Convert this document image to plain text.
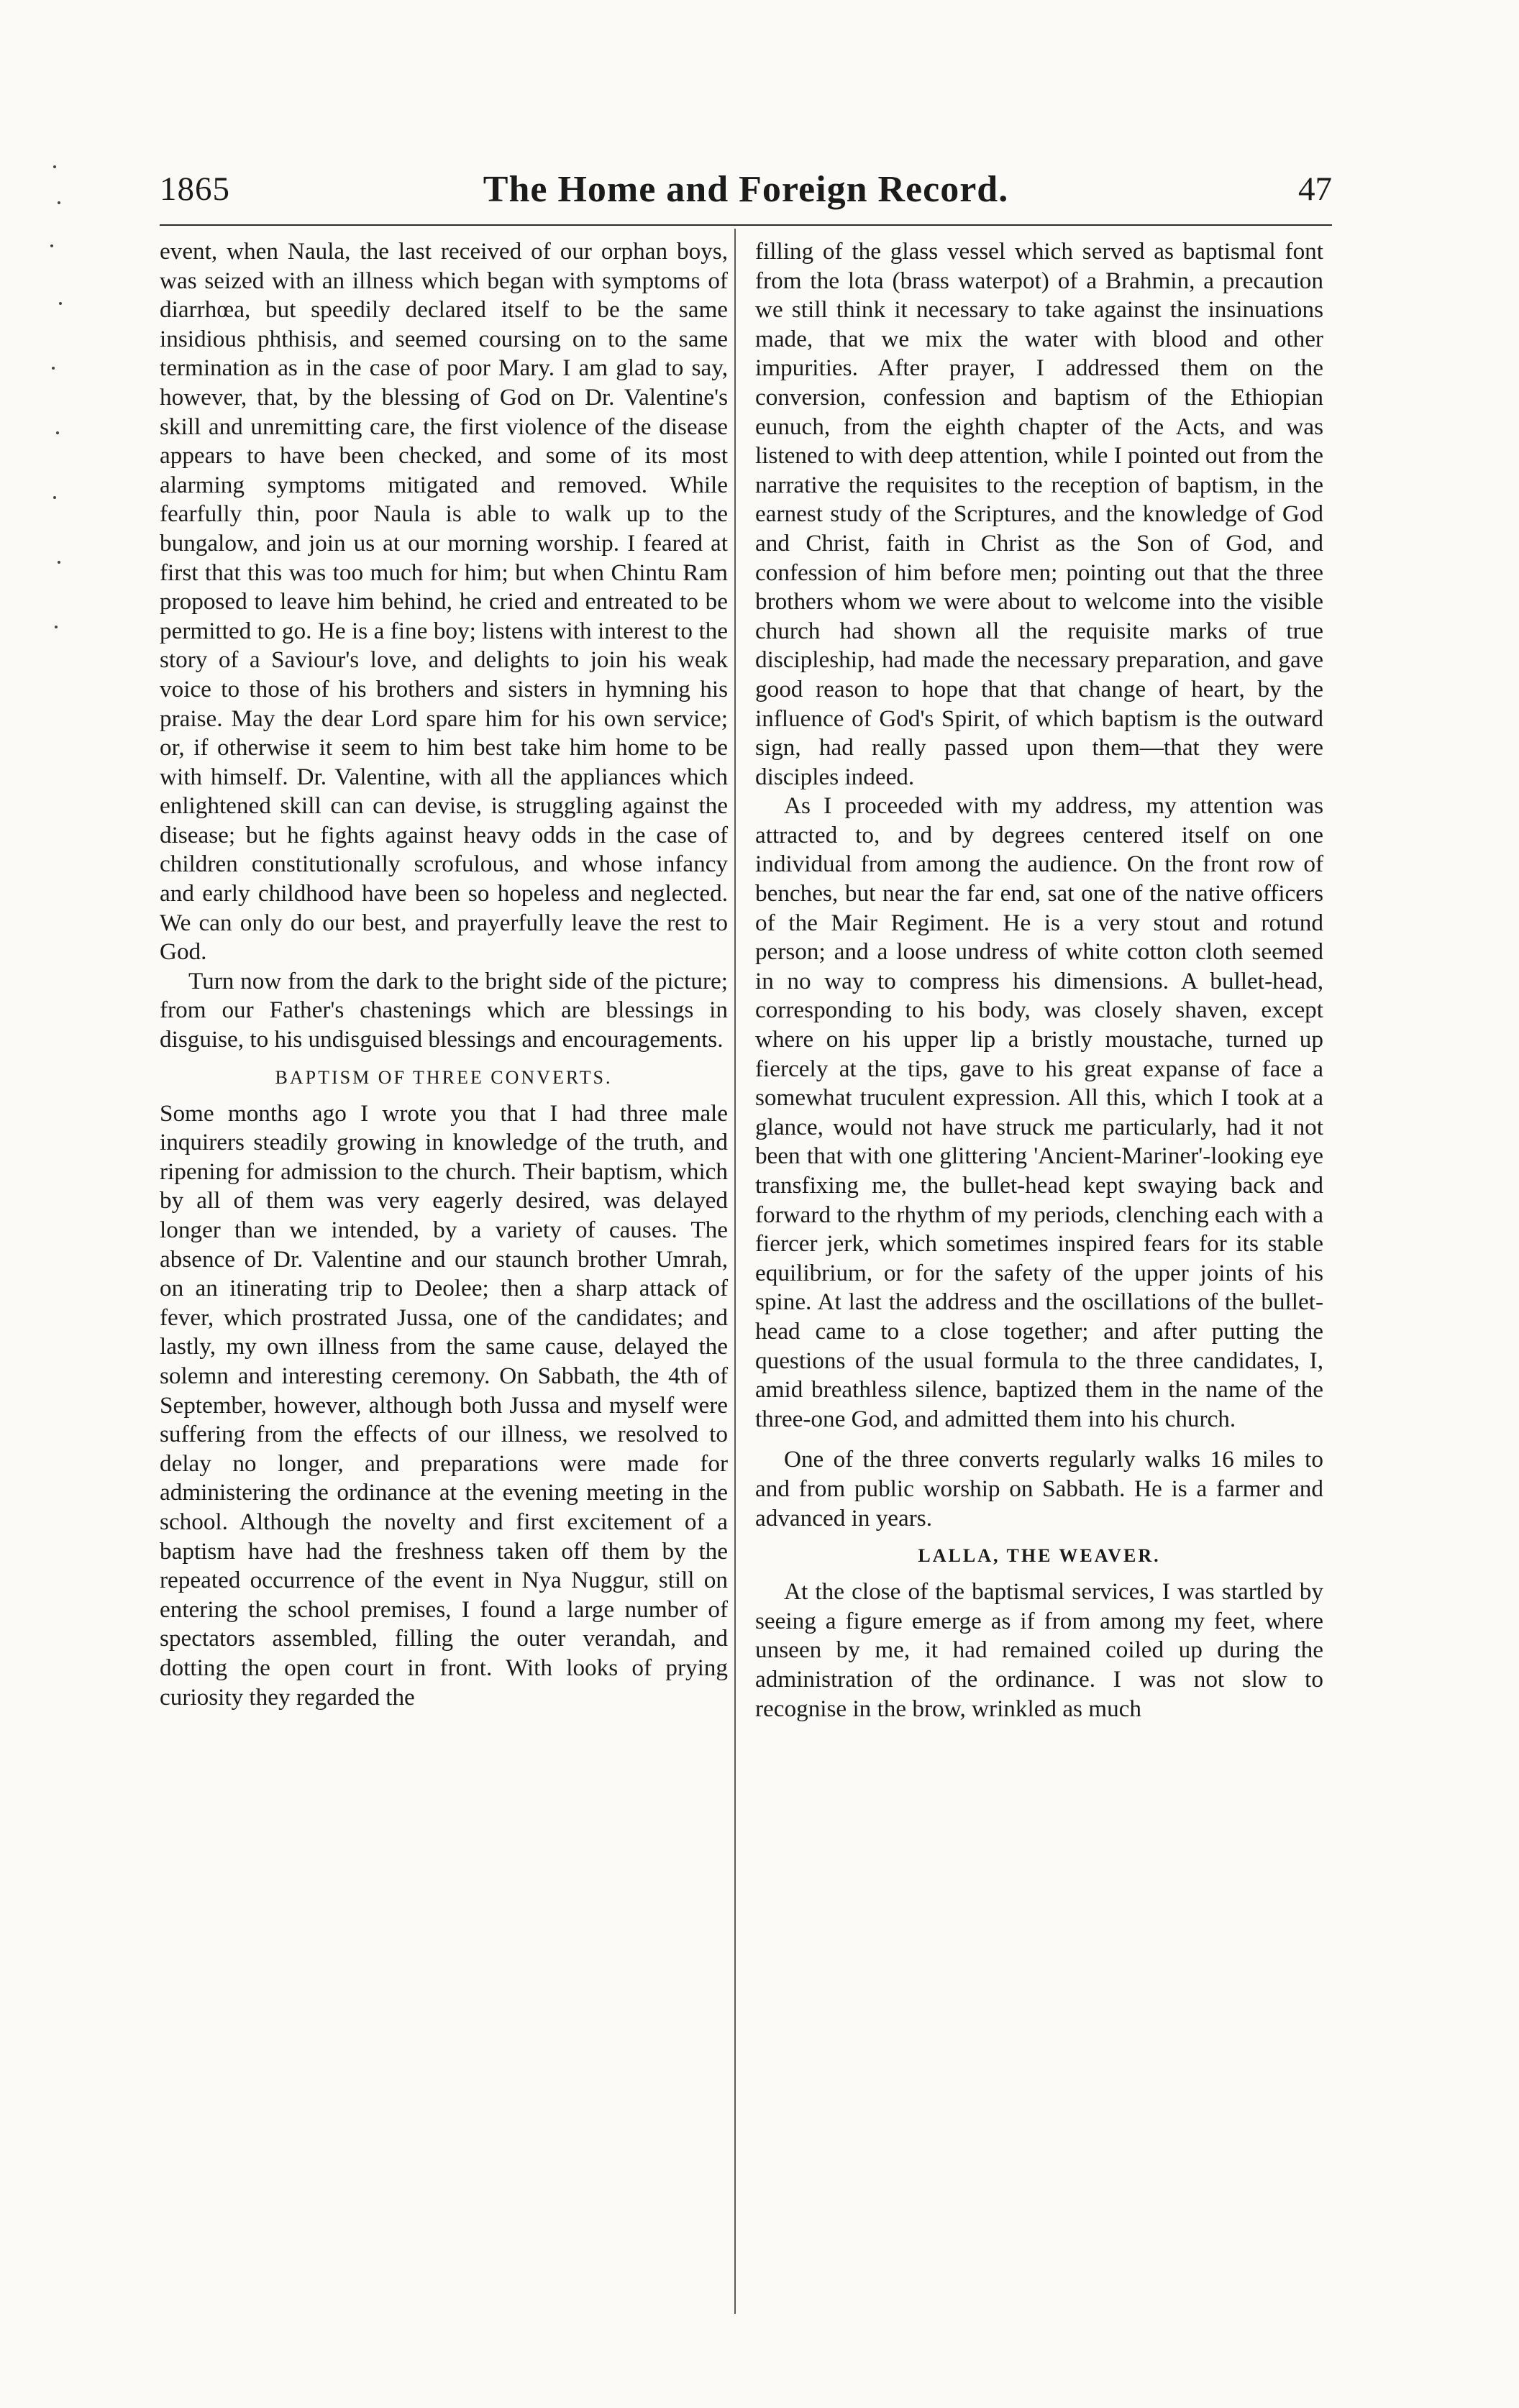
1865	The Home and Foreign Record.	47

event, when Naula, the last received of our orphan boys, was seized with an illness which began with symptoms of diarrhœa, but speedily declared itself to be the same insidious phthisis, and seemed coursing on to the same termination as in the case of poor Mary. I am glad to say, however, that, by the blessing of God on Dr. Valentine's skill and unremitting care, the first violence of the disease appears to have been checked, and some of its most alarming symptoms mitigated and removed. While fearfully thin, poor Naula is able to walk up to the bungalow, and join us at our morning worship. I feared at first that this was too much for him; but when Chintu Ram proposed to leave him behind, he cried and entreated to be permitted to go. He is a fine boy; listens with interest to the story of a Saviour's love, and delights to join his weak voice to those of his brothers and sisters in hymning his praise. May the dear Lord spare him for his own service; or, if otherwise it seem to him best take him home to be with himself. Dr. Valentine, with all the appliances which enlightened skill can can devise, is struggling against the disease; but he fights against heavy odds in the case of children constitutionally scrofulous, and whose infancy and early childhood have been so hopeless and neglected. We can only do our best, and prayerfully leave the rest to God.

Turn now from the dark to the bright side of the picture; from our Father's chastenings which are blessings in disguise, to his undisguised blessings and encouragements.

BAPTISM OF THREE CONVERTS.

Some months ago I wrote you that I had three male inquirers steadily growing in knowledge of the truth, and ripening for admission to the church. Their baptism, which by all of them was very eagerly desired, was delayed longer than we intended, by a variety of causes. The absence of Dr. Valentine and our staunch brother Umrah, on an itinerating trip to Deolee; then a sharp attack of fever, which prostrated Jussa, one of the candidates; and lastly, my own illness from the same cause, delayed the solemn and interesting ceremony. On Sabbath, the 4th of September, however, although both Jussa and myself were suffering from the effects of our illness, we resolved to delay no longer, and preparations were made for administering the ordinance at the evening meeting in the school. Although the novelty and first excitement of a baptism have had the freshness taken off them by the repeated occurrence of the event in Nya Nuggur, still on entering the school premises, I found a large number of spectators assembled, filling the outer verandah, and dotting the open court in front. With looks of prying curiosity they regarded the

filling of the glass vessel which served as baptismal font from the lota (brass waterpot) of a Brahmin, a precaution we still think it necessary to take against the insinuations made, that we mix the water with blood and other impurities. After prayer, I addressed them on the conversion, confession and baptism of the Ethiopian eunuch, from the eighth chapter of the Acts, and was listened to with deep attention, while I pointed out from the narrative the requisites to the reception of baptism, in the earnest study of the Scriptures, and the knowledge of God and Christ, faith in Christ as the Son of God, and confession of him before men; pointing out that the three brothers whom we were about to welcome into the visible church had shown all the requisite marks of true discipleship, had made the necessary preparation, and gave good reason to hope that that change of heart, by the influence of God's Spirit, of which baptism is the outward sign, had really passed upon them—that they were disciples indeed.

As I proceeded with my address, my attention was attracted to, and by degrees centered itself on one individual from among the audience. On the front row of benches, but near the far end, sat one of the native officers of the Mair Regiment. He is a very stout and rotund person; and a loose undress of white cotton cloth seemed in no way to compress his dimensions. A bullet-head, corresponding to his body, was closely shaven, except where on his upper lip a bristly moustache, turned up fiercely at the tips, gave to his great expanse of face a somewhat truculent expression. All this, which I took at a glance, would not have struck me particularly, had it not been that with one glittering 'Ancient-Mariner'-looking eye transfixing me, the bullet-head kept swaying back and forward to the rhythm of my periods, clenching each with a fiercer jerk, which sometimes inspired fears for its stable equilibrium, or for the safety of the upper joints of his spine. At last the address and the oscillations of the bullet-head came to a close together; and after putting the questions of the usual formula to the three candidates, I, amid breathless silence, baptized them in the name of the three-one God, and admitted them into his church.

One of the three converts regularly walks 16 miles to and from public worship on Sabbath. He is a farmer and advanced in years.

LALLA, THE WEAVER.

At the close of the baptismal services, I was startled by seeing a figure emerge as if from among my feet, where unseen by me, it had remained coiled up during the administration of the ordinance. I was not slow to recognise in the brow, wrinkled as much
